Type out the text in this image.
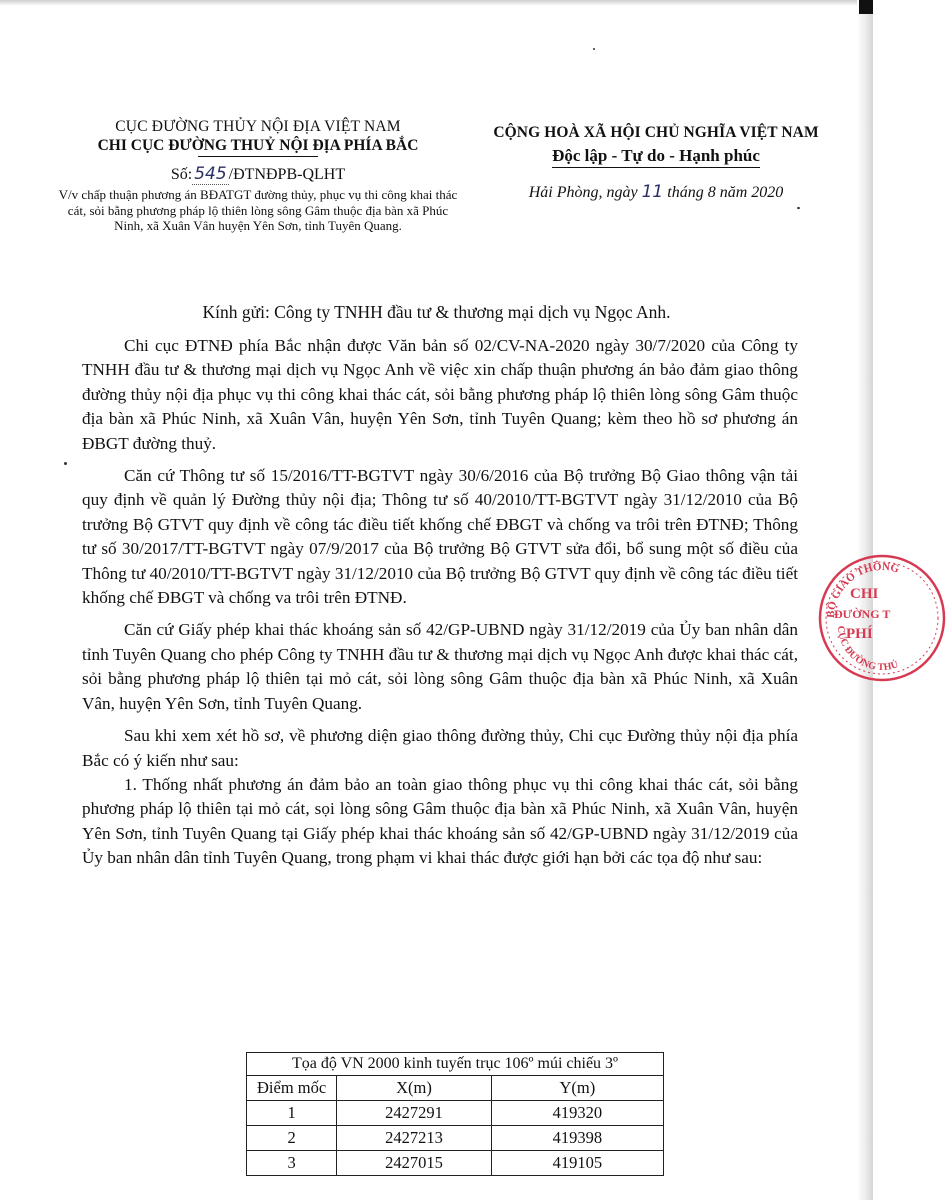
CỤC ĐƯỜNG THỦY NỘI ĐỊA VIỆT NAM
CHI CỤC ĐƯỜNG THUỶ NỘI ĐỊA PHÍA BẮC
Số: 545 /ĐTNĐPB-QLHT
V/v chấp thuận phương án BĐATGT đường thủy, phục vụ thi công khai thác cát, sỏi bằng phương pháp lộ thiên lòng sông Gâm thuộc địa bàn xã Phúc Ninh, xã Xuân Vân huyện Yên Sơn, tỉnh Tuyên Quang.
CỘNG HOÀ XÃ HỘI CHỦ NGHĨA VIỆT NAM
Độc lập - Tự do - Hạnh phúc
Hải Phòng, ngày 11 tháng 8 năm 2020
Kính gửi: Công ty TNHH đầu tư & thương mại dịch vụ Ngọc Anh.

Chi cục ĐTNĐ phía Bắc nhận được Văn bản số 02/CV-NA-2020 ngày 30/7/2020 của Công ty TNHH đầu tư & thương mại dịch vụ Ngọc Anh về việc xin chấp thuận phương án bảo đảm giao thông đường thủy nội địa phục vụ thi công khai thác cát, sỏi bằng phương pháp lộ thiên lòng sông Gâm thuộc địa bàn xã Phúc Ninh, xã Xuân Vân, huyện Yên Sơn, tỉnh Tuyên Quang; kèm theo hồ sơ phương án ĐBGT đường thuỷ.

Căn cứ Thông tư số 15/2016/TT-BGTVT ngày 30/6/2016 của Bộ trưởng Bộ Giao thông vận tải quy định về quản lý Đường thủy nội địa; Thông tư số 40/2010/TT-BGTVT ngày 31/12/2010 của Bộ trưởng Bộ GTVT quy định về công tác điều tiết khống chế ĐBGT và chống va trôi trên ĐTNĐ; Thông tư số 30/2017/TT-BGTVT ngày 07/9/2017 của Bộ trưởng Bộ GTVT sửa đổi, bổ sung một số điều của Thông tư 40/2010/TT-BGTVT ngày 31/12/2010 của Bộ trưởng Bộ GTVT quy định về công tác điều tiết khống chế ĐBGT và chống va trôi trên ĐTNĐ.

Căn cứ Giấy phép khai thác khoáng sản số 42/GP-UBND ngày 31/12/2019 của Ủy ban nhân dân tỉnh Tuyên Quang cho phép Công ty TNHH đầu tư & thương mại dịch vụ Ngọc Anh được khai thác cát, sỏi bằng phương pháp lộ thiên tại mỏ cát, sỏi lòng sông Gâm thuộc địa bàn xã Phúc Ninh, xã Xuân Vân, huyện Yên Sơn, tỉnh Tuyên Quang.

Sau khi xem xét hồ sơ, về phương diện giao thông đường thủy, Chi cục Đường thủy nội địa phía Bắc có ý kiến như sau:

1. Thống nhất phương án đảm bảo an toàn giao thông phục vụ thi công khai thác cát, sỏi bằng phương pháp lộ thiên tại mỏ cát, sọi lòng sông Gâm thuộc địa bàn xã Phúc Ninh, xã Xuân Vân, huyện Yên Sơn, tỉnh Tuyên Quang tại Giấy phép khai thác khoáng sản số 42/GP-UBND ngày 31/12/2019 của Ủy ban nhân dân tỉnh Tuyên Quang, trong phạm vi khai thác được giới hạn bởi các tọa độ như sau:

Tọa độ VN 2000 kinh tuyến trục 106º múi chiếu 3º		
Điểm mốc	X(m)	Y(m)
1	2427291	419320
2	2427213	419398
3	2427015	419105
BỘ GIAO THÔNG
CỤC ĐƯỜNG THỦ
CHI
ĐƯỜNG T
PHÍ
